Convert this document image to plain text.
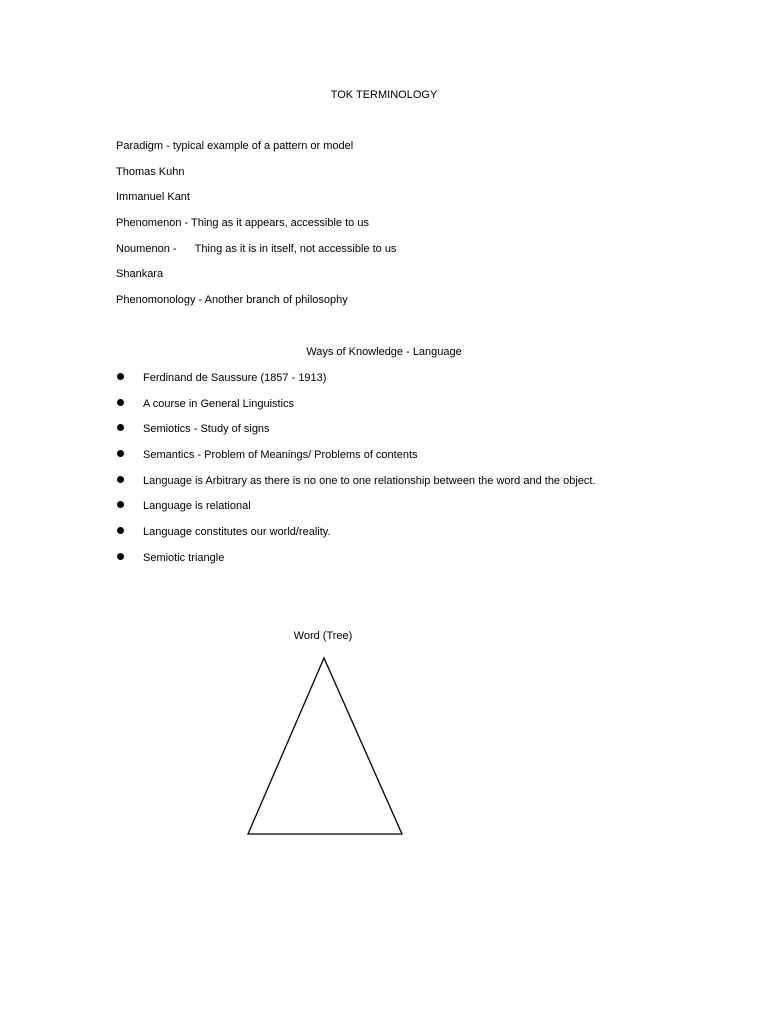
TOK TERMINOLOGY
Paradigm - typical example of a pattern or model
Thomas Kuhn
Immanuel Kant
Phenomenon - Thing as it appears, accessible to us
Noumenon -      Thing as it is in itself, not accessible to us
Shankara
Phenomonology - Another branch of philosophy
Ways of Knowledge - Language
Ferdinand de Saussure (1857 - 1913)
A course in General Linguistics
Semiotics - Study of signs
Semantics - Problem of Meanings/ Problems of contents
Language is Arbitrary as there is no one to one relationship between the word and the object.
Language is relational
Language constitutes our world/reality.
Semiotic triangle
Word (Tree)
